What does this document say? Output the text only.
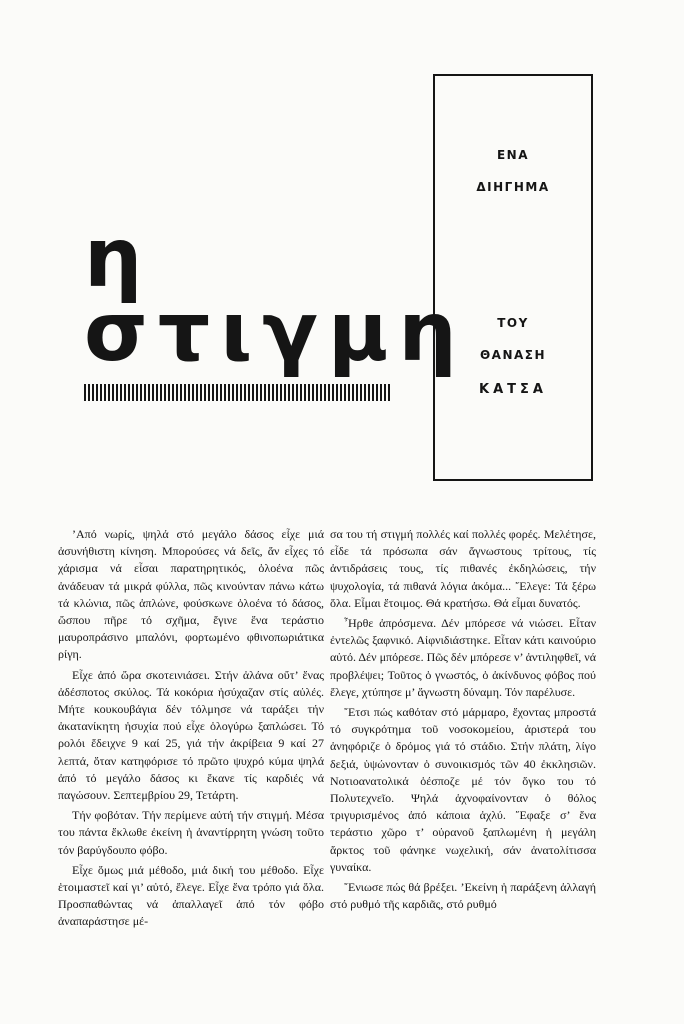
η
στιγμη
ΕΝΑ
ΔΙΗΓΗΜΑ
ΤΟΥ
ΘΑΝΑΣΗ
ΚΑΤΣΑ

’Από νωρίς, ψηλά στό μεγάλο δάσος εἶχε μιά ἀσυνήθιστη κίνηση. Μπορούσες νά δεῖς, ἄν εἶχες τό χάρισμα νά εἶσαι παρατηρητικός, ὁλοένα πῶς ἀνάδευαν τά μικρά φύλλα, πῶς κινούνταν πάνω κάτω τά κλώνια, πῶς ἀπλώνε, φούσκωνε ὁλοένα τό δάσος, ὥσπου πῆρε τό σχῆμα, ἔγινε ἕνα τεράστιο μαυροπράσινο μπαλόνι, φορτωμένο φθινοπωριάτικα ρίγη.

Εἶχε ἀπό ὥρα σκοτεινιάσει. Στήν ἀλάνα οὔτ’ ἕνας ἀδέσποτος σκύλος. Τά κοκόρια ἡσύχαζαν στίς αὐλές. Μήτε κουκουβάγια δέν τόλμησε νά ταράξει τήν ἀκατανίκητη ἡσυχία πού εἶχε ὁλογύρω ξαπλώσει. Τό ρολόι ἔδειχνε 9 καί 25, γιά τήν ἀκρίβεια 9 καί 27 λεπτά, ὅταν κατηφόρισε τό πρῶτο ψυχρό κύμα ψηλά ἀπό τό μεγάλο δάσος κι ἔκανε τίς καρδιές νά παγώσουν. Σεπτεμβρίου 29, Τετάρτη.

Τήν φοβόταν. Τήν περίμενε αὐτή τήν στιγμή. Μέσα του πάντα ἔκλωθε ἐκείνη ἡ ἀναντίρρητη γνώση τοῦτο τόν βαρύγδουπο φόβο.

Εἶχε ὅμως μιά μέθοδο, μιά δική του μέθοδο. Εἶχε ἑτοιμαστεῖ καί γι’ αὐτό, ἔλεγε. Εἶχε ἕνα τρόπο γιά ὅλα. Προσπαθώντας νά ἀπαλλαγεῖ ἀπό τόν φόβο ἀναπαράστησε μέ-

σα του τή στιγμή πολλές καί πολλές φορές. Μελέτησε, εἶδε τά πρόσωπα σάν ἄγνωστους τρίτους, τίς ἀντιδράσεις τους, τίς πιθανές ἐκδηλώσεις, τήν ψυχολογία, τά πιθανά λόγια ἀκόμα... ῎Ελεγε: Τά ξέρω ὅλα. Εἶμαι ἕτοιμος. Θά κρατήσω. Θά εἶμαι δυνατός.

῏Ηρθε ἀπρόσμενα. Δέν μπόρεσε νά νιώσει. Εἶταν ἐντελῶς ξαφνικό. Αἰφνιδιάστηκε. Εἶταν κάτι καινούριο αὐτό. Δέν μπόρεσε. Πῶς δέν μπόρεσε ν’ ἀντιληφθεῖ, νά προβλέψει; Τοῦτος ὁ γνωστός, ὁ ἀκίνδυνος φόβος πού ἔλεγε, χτύπησε μ’ ἄγνωστη δύναμη. Τόν παρέλυσε.

῎Ετσι πώς καθόταν στό μάρμαρο, ἔχοντας μπροστά τό συγκρότημα τοῦ νοσοκομείου, ἀριστερά του ἀνηφόριζε ὁ δρόμος γιά τό στάδιο. Στήν πλάτη, λίγο δεξιά, ὑψώνονταν ὁ συνοικισμός τῶν 40 ἐκκλησιῶν. Νοτιοανατολικά ὁέσποζε μέ τόν ὄγκο του τό Πολυτεχνεῖο. Ψηλά ἀχνοφαίνονταν ὁ θόλος τριγυρισμένος ἀπό κάποια ἀχλύ. ῎Εφαξε σ’ ἕνα τεράστιο χῶρο τ’ οὐρανοῦ ξαπλωμένη ἡ μεγάλη ἄρκτος τοῦ φάνηκε νωχελική, σάν ἀνατολίτισσα γυναίκα.

῎Ενιωσε πώς θά βρέξει. ’Εκείνη ἡ παράξενη ἀλλαγή στό ρυθμό τῆς καρδιᾶς, στό ρυθμό
